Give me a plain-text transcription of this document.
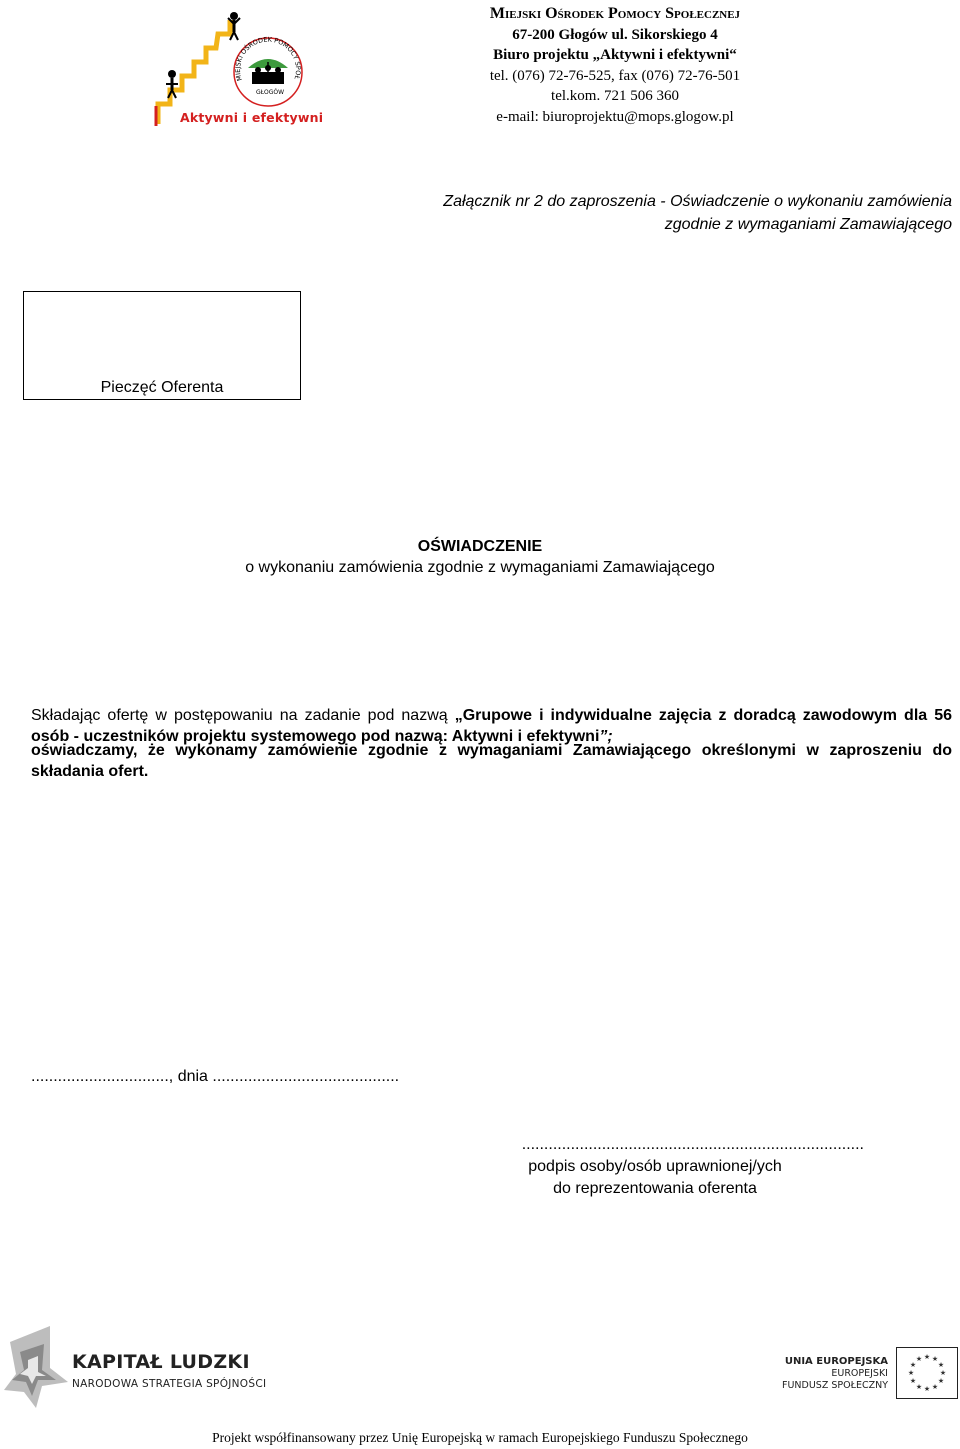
GŁOGÓW
MIEJSKI OŚRODEK POMOCY SPOŁ
Aktywni i efektywni
Miejski Ośrodek Pomocy Społecznej
67-200 Głogów ul. Sikorskiego 4
Biuro projektu „Aktywni i efektywni“
tel. (076) 72-76-525, fax (076) 72-76-501
tel.kom. 721 506 360
e-mail: biuroprojektu@mops.glogow.pl
Załącznik nr 2 do zaproszenia - Oświadczenie o wykonaniu zamówienia
zgodnie z wymaganiami Zamawiającego
Pieczęć Oferenta
OŚWIADCZENIE
o wykonaniu zamówienia zgodnie z wymaganiami Zamawiającego
Składając ofertę w postępowaniu na zadanie pod nazwą „Grupowe i indywidualne zajęcia z doradcą zawodowym dla 56 osób - uczestników projektu systemowego pod nazwą: Aktywni i efektywni”;
oświadczamy, że wykonamy zamówienie zgodnie z wymaganiami Zamawiającego określonymi w zaproszeniu do składania ofert.
..............................., dnia ..........................................
.............................................................................
podpis osoby/osób uprawnionej/ych
do reprezentowania oferenta
KAPITAŁ LUDZKI
NARODOWA STRATEGIA SPÓJNOŚCI
UNIA EUROPEJSKA
EUROPEJSKI
FUNDUSZ SPOŁECZNY
★ ★
★
★
★
★
★
★
★
★
★
★
Projekt współfinansowany przez Unię Europejską w ramach Europejskiego Funduszu Społecznego
